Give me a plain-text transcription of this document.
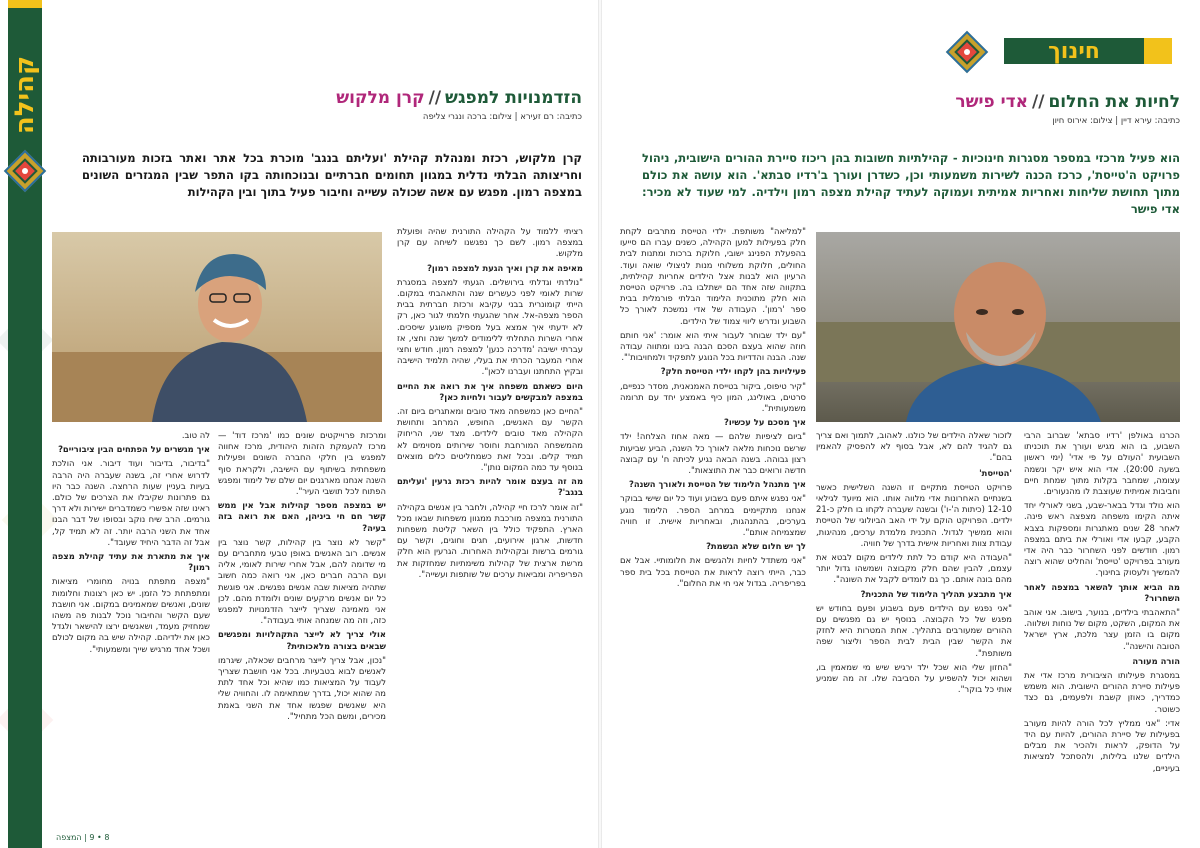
קהילה	הזדמנויות למפגש//קרן מלקוש
כתיבה: רם זעירא | צילום: ברכה ונגרי צליפה
קרן מלקוש, רכזת ומנהלת קהילת 'ועליתם בנגב' מוכרת בכל אתר ואתר בזכות מעורבותה וחריצותה הבלתי נדלית במגוון תחומים חברתיים ובנוכחותה בקו התפר שבין המגזרים השונים במצפה רמון. מפגש עם אשה שכולה עשייה וחיבור פעיל בתוך ובין הקהילות

רציתי ללמוד על הקהילה התורנית שהיה ופועלת במצפה רמון. לשם כך נפגשנו לשיחה עם קרן מלקוש.

מאיפה את קרן ואיך הגעת למצפה רמון?

"נולדתי וגדלתי בירושלים. הגעתי למצפה במסגרת שרות לאומי לפני כעשרים שנה והתאהבתי במקום. הייתי קומונרית בבני עקיבא ורכזת חברתית בבית הספר מצפה-אל. אחר שהגעתי חלמתי לגור כאן, רק לא ידעתי איך אמצא בעל מספיק משוגע שיסכים. אחרי השרות התחלתי ללימודים למשך שנה וחצי, אז עברתי ישיבה 'מדרכה כנען' למצפה רמון. חודש וחצי אחרי המעבר הכרתי את בעלי, שהיה תלמיד הישיבה ובקיץ התחתנו ועברנו לכאן".

היום כשאתם משפחה איך את רואה את החיים במצפה למבקשים לעבור ולחיות כאן?

"החיים כאן כמשפחה מאד טובים ומאתגרים ביום זה. הקשר עם האנשים, החופש, המרחב ותחושת הקהילה מאד טובים לילדים. מצד שני, הריחוק מהמשפחה המורחבת וחוסר שירותים מסוימים לא תמיד קלים. ובכל זאת כשמחליטים כלים מוצאים בנוסף עד כמה המקום נותן".

מה זה בעצם אומר להיות רכזת גרעין 'ועליתם בנגב'?

"זה אומר לרכז חיי קהילה, ולחבר בין אנשים בקהילה התורנית במצפה מורכבת ממגוון משפחות שבאו מכל הארץ. התפקיד כולל בין השאר קליטת משפחות חדשות, ארגון אירועים, חגים וחוגים, וקשר עם גורמים ברשות ובקהילות האחרות. הגרעין הוא חלק מרשת ארצית של קהילות משימתיות שמחזקות את הפריפריה ומביאות ערכים של שותפות ועשייה".

ומרכזת פרוייקטים שונים כמו 'מרכז דוד' — מרכז להעמקת הזהות היהודית, מרכז אחווה למפגש בין חלקי החברה השונים ופעילות משפחתית בשיתוף עם הישיבה, ולקראת סוף השנה אנחנו מארגנים יום שלם של לימוד ומפגש הפתוח לכל תושבי העיר".

יש במצפה מספר קהילות אבל אין ממש קשר חם חי ביניהן, האם את רואה בזה בעיה?

"קשר לא נוצר בין קהילות, קשר נוצר בין אנשים. רוב האנשים באופן טבעי מתחברים עם מי שדומה להם, אבל אחרי שירות לאומי, אליה ועם הרבה חברים כאן, אני רואה כמה חשוב שתהיה מציאות שבה אנשים נפגשים. אני פוגשת כל יום אנשים מרקעים שונים ולומדת מהם. לכן אני מאמינה שצריך לייצר הזדמנויות למפגש כזה, וזה מה שמנחה אותי בעבודה".

אולי צריך לא לייצר התקהלויות ומפגשים שבאים בצורה מלאכותית?

"נכון, אבל צריך לייצר מרחבים שכאלה, שיגרמו לאנשים לבוא בטבעיות. בכל אני חושבת שצריך לעבוד על המציאות כמו שהיא וכל אחד לתת מה שהוא יכול, בדרך שמתאימה לו. והחוויה שלי היא שאנשים שפגשו אחד את השני באמת מכירים, ומשם הכל מתחיל".

לה טוב.

איך מגשרים על הפתחים הבין ציבוריים?

"בדיבור, בדיבור ועוד דיבור. אני הולכת לדרוש אחרי זה, בשנה שעברה היה הרבה בעיות בעניין שעות הרחצה. השנה כבר היו גם פתרונות שקיבלו את הצרכים של כולם. ראינו שזה אפשרי כשמדברים ישירות ולא דרך גורמים. הרב שיח נוקב ובסופו של דבר הבנו אחד את השני הרבה יותר. זה לא תמיד קל, אבל זה הדבר היחיד שעובד".

איך את מתארת את עתיד קהילת מצפה רמון?

"מצפה מתפתח בנויה מחומרי מציאות ומתפתחת כל הזמן. יש כאן רצונות וחלומות שונים, ואנשים שמאמינים במקום. אני חושבת שעם הקשר והחיבור נוכל לבנות פה משהו שמחזיק מעמד, ושאנשים ירצו להישאר ולגדל כאן את ילדיהם. קהילה שיש בה מקום לכולם ושכל אחד מרגיש שייך ומשמעותי".

8 • 9 | המצפה
חינוך
לחיות את החלום//אדי פישר
כתיבה: עירא דיין | צילום: אירוס חיון
הוא פעיל מרכזי במספר מסגרות חינוכיות - קהילתיות חשובות בהן ריכוז סיירת ההורים הישובית, ניהול פרויקט ה'טייסת', כרכז הכנה לשירות משמעותי וכן, כשדרן ועורך ב'רדיו סבתא'. הוא עושה את כולם מתוך תחושת שליחות ואחריות אמיתית ועמוקה לעתיד קהילת מצפה רמון וילדיה. למי שעוד לא מכיר: אדי פישר

הכרנו באולפן 'רדיו סבתא' שברוב הרבי השבוע, בו הוא מגיש ועורך את תוכניתו השבועית 'העולם על פי אדי' (ימי ראשון בשעה 20:00). אדי הוא איש יקר ונשמה עצומה, שמחבר בקלות מתוך שמחת חיים וחביבות אמיתית שעוצבת לו מהנעורים.

הוא נולד וגדל בבאר-שבע, בשני לאורלי יחד איתה הקימו משפחה מצפצה ראש פינה. לאחר 28 שנים מאתגרות ומספקות בצבא הקבע, קבעו אדי ואורלי את ביתם במצפה רמון. חודשים לפני השחרור כבר היה אדי מעורב בפרויקט 'טייסת' והחליט שהוא רוצה להמשיך ולעסוק בחינוך.

מה הביא אותך להשאר במצפה לאחר השחרור?

"התאהבתי בילדים, בנוער, בישוב. אני אוהב את המקום, השקט, מקום של נוחות ושלווה. מקום בו הזמן עצר מלכת, ארץ ישראל הטובה והישנה".

הורה מעורה

במסגרת פעילותו הציבורית מרכז אדי את פעילות סיירת ההורים הישובית. הוא משמש כמדריך, כאוזן קשבת ולפעמים, גם כצד כשוטר.

אדי: "אני ממליץ לכל הורה להיות מעורב בפעילות של סיירת ההורים, להיות עם היד על הדופק, לראות ולהכיר את מבלים הילדים שלנו בלילות, ולהסתכל למציאות בעיניים,

לזכור שאלה הילדים של כולנו. לאהוב, לתמוך ואם צריך גם להגיד להם לא, אבל בסוף לא להפסיק להאמין בהם".

'הטייסת'

פרויקט הטייסת מתקיים זו השנה השלישית כאשר בשנתיים האחרונות אדי מלווה אותו. הוא מיועד לגילאי 12-10 (כיתות ה'-ו') ובשנה שעברה לקחו בו חלק כ-21 ילדים. הפרויקט הוקם על ידי האב הביולוגי של הטייסת והוא ממשיך לגדול. התכנית מלמדת ערכים, מנהיגות, עבודת צוות ואחריות אישית בדרך של חוויה.

"העבודה היא קודם כל לתת לילדים מקום לבטא את עצמם, להבין שהם חלק מקבוצה ושמשהו גדול יותר מהם בונה אותם. כך גם לומדים לקבל את השונה".

איך מתבצע תהליך הלימוד של התכנית?

"אני נפגש עם הילדים פעם בשבוע ופעם בחודש יש מפגש של כל הקבוצה. בנוסף יש גם מפגשים עם ההורים שמעורבים בתהליך. אחת המטרות היא לחזק את הקשר שבין הבית לבית הספר וליצור שפה משותפת".

"החזון שלי הוא שכל ילד ירגיש שיש מי שמאמין בו, ושהוא יכול להשפיע על הסביבה שלו. זה מה שמניע אותי כל בוקר".

"למליאה" משותפת. ילדי הטייסת מתרבים לקחת חלק בפעילות למען הקהילה, כשנים עברו הם סייעו בהפעלת הפנינג ישובי, חלוקת ברכות ומתנות לבית החולים, חלוקת משלוחי מנות לניצולי שואה ועוד. הרעיון הוא לבנות אצל הילדים אחריות קהילתית, בתקווה שזה אחד הם ישתלבו בה. פרויקט הטייסת הוא חלק מתוכנית הלימוד הבלתי פורמלית בבית ספר 'רמון'. העבודה של אדי נמשכת לאורך כל השבוע ונדרש ליווי צמוד של הילדים.

"עם ילד שבוחר לעבור איתי הוא אומר: 'אני חותם חוזה שהוא בעצם הסכם הבנה ביננו ומתווה עבודה שנה. הבנה והדדיות בכל הנוגע לתפקיד ולמחויבות'".

פעילויות בהן לקחו ילדי הטייסת חלק?

"קיר טיפוס, ביקור בטייסת האמנאנית, מסדר כנפיים, סרטים, באולינג, המון כיף באמצע יחד עם תרומה משמעותית".

איך מסכם על עכשיו?

"ביום לציפיות שלהם — מאה אחוז הצלחה! ילד שרשם נוכחות מלאה לאורך כל השנה, הביע שביעות רצון גבוהה. בשנה הבאה נגיע לכיתה ח' עם קבוצה חדשה ורואים כבר את התוצאות".

איך מתנהל הלימוד של הטייסת ולאורך השנה?

"אני נפגש איתם פעם בשבוע ועוד כל יום שישי בבוקר אנחנו מתקיימים במרחב הספר. הלימוד נוגע בערכים, בהתנהגות, ובאחריות אישית. זו חוויה שמצמיחה אותם".

לך יש חלום שלא הגשמת?

"אני משתדל לחיות ולהגשים את חלומותיי. אבל אם כבר, הייתי רוצה לראות את הטייסת בכל בית ספר בפריפריה. בגדול אני חי את החלום".
